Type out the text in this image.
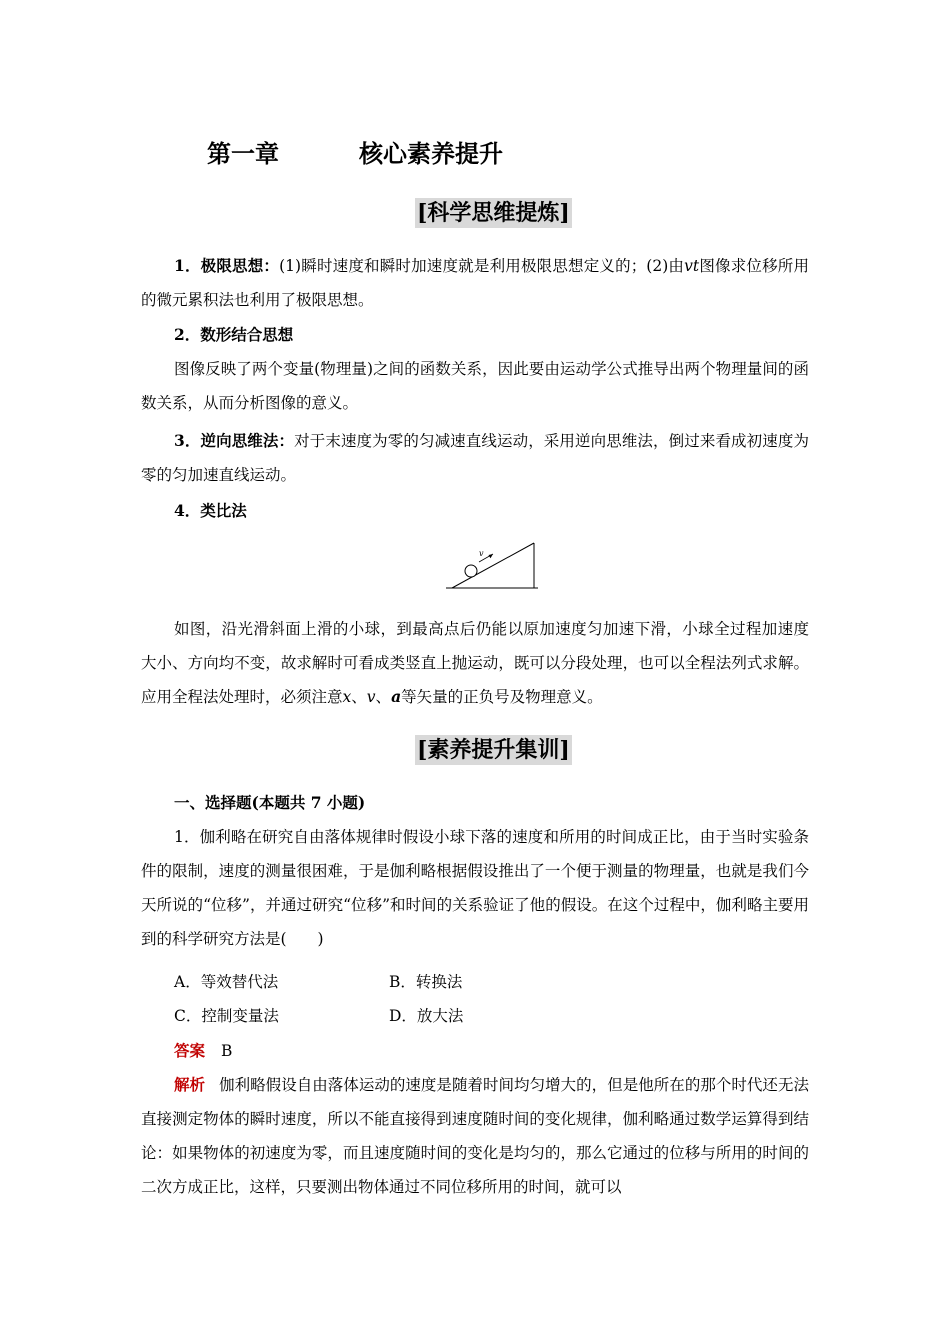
第一章	核心素养提升
[科学思维提炼]
1．极限思想：(1)瞬时速度和瞬时加速度就是利用极限思想定义的；(2)由vt图像求位移所用的微元累积法也利用了极限思想。
2．数形结合思想
图像反映了两个变量(物理量)之间的函数关系，因此要由运动学公式推导出两个物理量间的函数关系，从而分析图像的意义。
3．逆向思维法：对于末速度为零的匀减速直线运动，采用逆向思维法，倒过来看成初速度为零的匀加速直线运动。
4．类比法
v
如图，沿光滑斜面上滑的小球，到最高点后仍能以原加速度匀加速下滑，小球全过程加速度大小、方向均不变，故求解时可看成类竖直上抛运动，既可以分段处理，也可以全程法列式求解。应用全程法处理时，必须注意x、v、a等矢量的正负号及物理意义。
[素养提升集训]
一、选择题(本题共 7 小题)
1．伽利略在研究自由落体规律时假设小球下落的速度和所用的时间成正比，由于当时实验条件的限制，速度的测量很困难，于是伽利略根据假设推出了一个便于测量的物理量，也就是我们今天所说的“位移”，并通过研究“位移”和时间的关系验证了他的假设。在这个过程中，伽利略主要用到的科学研究方法是(　　)
A．等效替代法	B．转换法
C．控制变量法	D．放大法
答案 B
解析 伽利略假设自由落体运动的速度是随着时间均匀增大的，但是他所在的那个时代还无法直接测定物体的瞬时速度，所以不能直接得到速度随时间的变化规律，伽利略通过数学运算得到结论：如果物体的初速度为零，而且速度随时间的变化是均匀的，那么它通过的位移与所用的时间的二次方成正比，这样，只要测出物体通过不同位移所用的时间，就可以
